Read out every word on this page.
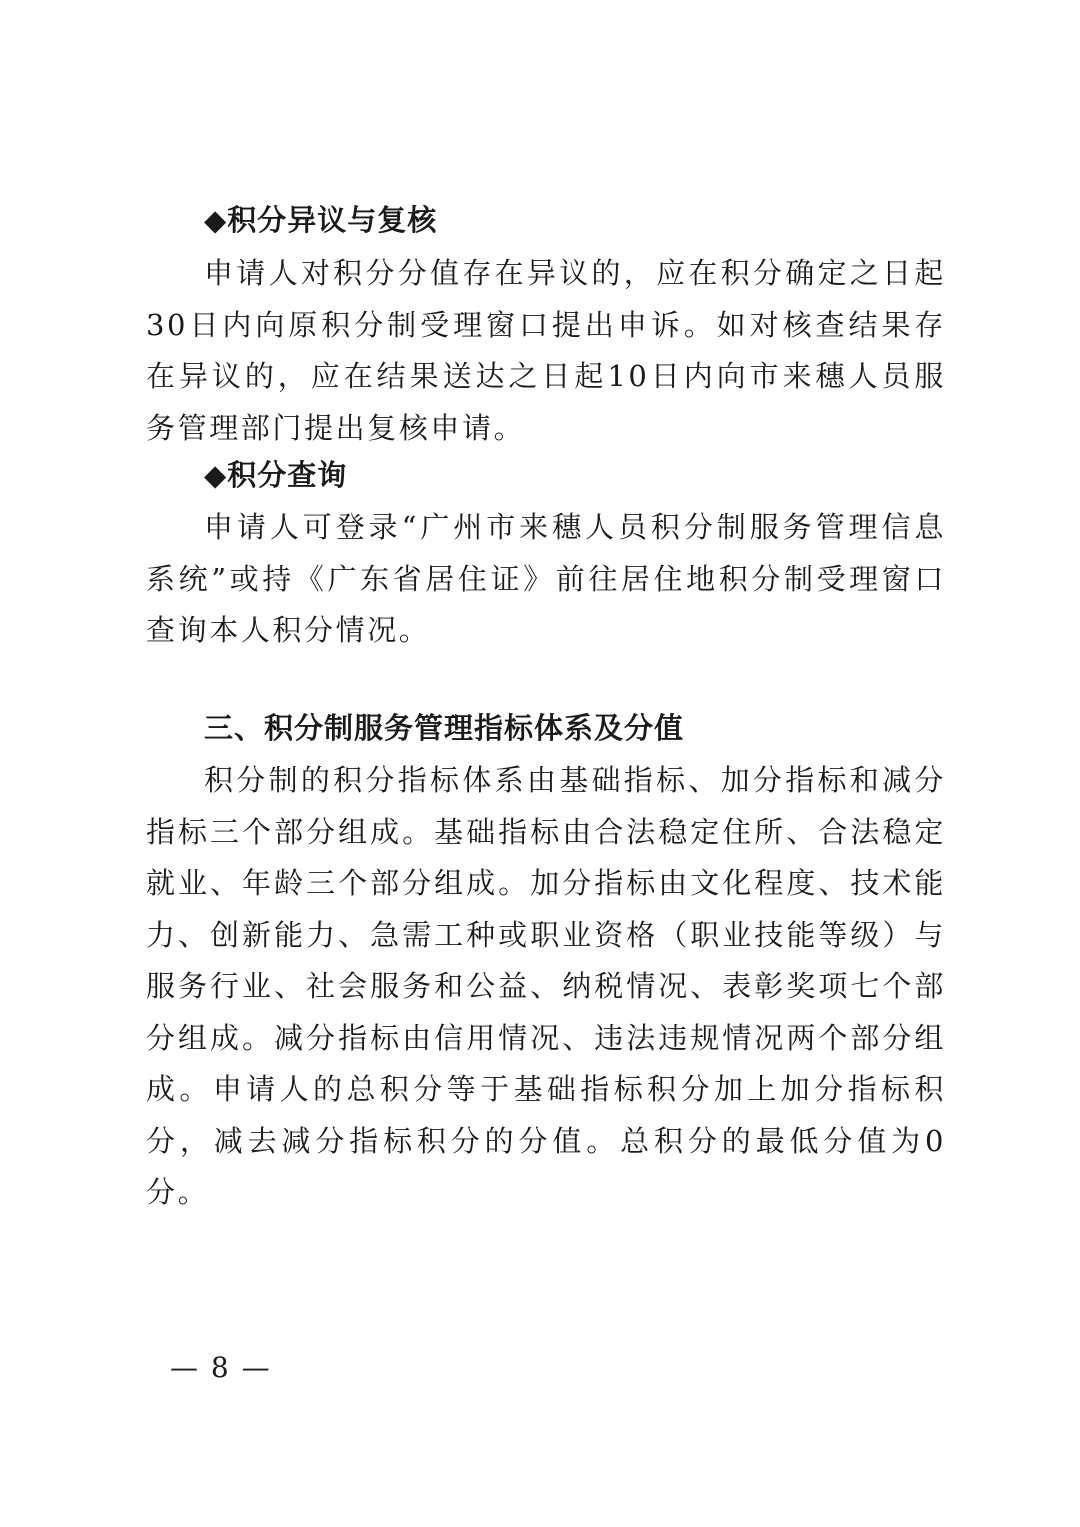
◆积分异议与复核
申请人对积分分值存在异议的，应在积分确定之日起30日内向原积分制受理窗口提出申诉。如对核查结果存在异议的，应在结果送达之日起10日内向市来穗人员服务管理部门提出复核申请。
◆积分查询
申请人可登录“广州市来穗人员积分制服务管理信息系统”或持《广东省居住证》前往居住地积分制受理窗口查询本人积分情况。
三、积分制服务管理指标体系及分值
积分制的积分指标体系由基础指标、加分指标和减分指标三个部分组成。基础指标由合法稳定住所、合法稳定就业、年龄三个部分组成。加分指标由文化程度、技术能力、创新能力、急需工种或职业资格（职业技能等级）与服务行业、社会服务和公益、纳税情况、表彰奖项七个部分组成。减分指标由信用情况、违法违规情况两个部分组成。申请人的总积分等于基础指标积分加上加分指标积分，减去减分指标积分的分值。总积分的最低分值为0分。
— 8 —
